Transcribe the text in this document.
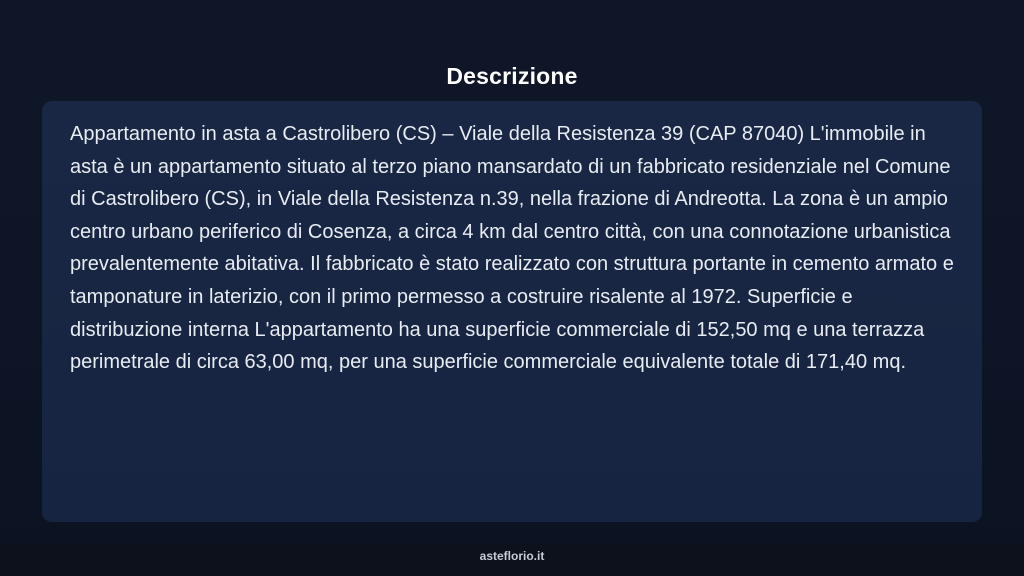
Descrizione

Appartamento in asta a Castrolibero (CS) – Viale della Resistenza 39 (CAP 87040) L'immobile in asta è un appartamento situato al terzo piano mansardato di un fabbricato residenziale nel Comune di Castrolibero (CS), in Viale della Resistenza n.39, nella frazione di Andreotta. La zona è un ampio centro urbano periferico di Cosenza, a circa 4 km dal centro città, con una connotazione urbanistica prevalentemente abitativa. Il fabbricato è stato realizzato con struttura portante in cemento armato e tamponature in laterizio, con il primo permesso a costruire risalente al 1972. Superficie e distribuzione interna L'appartamento ha una superficie commerciale di 152,50 mq e una terrazza perimetrale di circa 63,00 mq, per una superficie commerciale equivalente totale di 171,40 mq.

asteflorio.it
